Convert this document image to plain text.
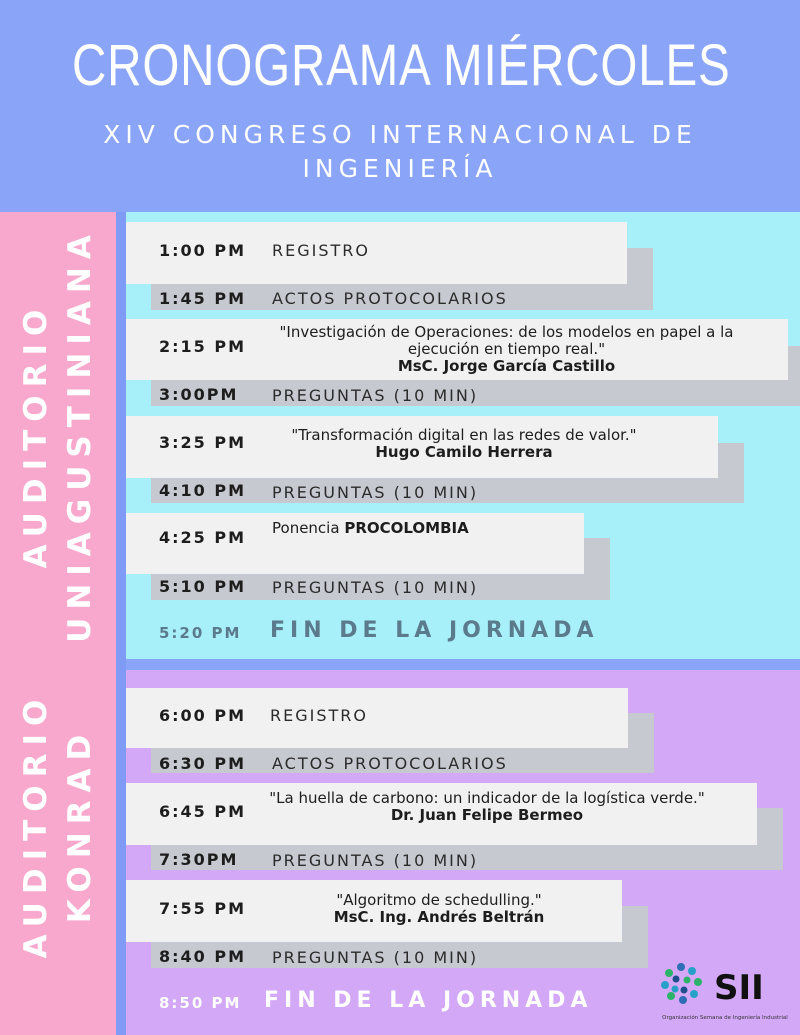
CRONOGRAMA MIÉRCOLES
XIV CONGRESO INTERNACIONAL DE INGENIERÍA
AUDITORIO UNIAGUSTINIANA
AUDITORIO KONRAD
1:00 PM REGISTRO
1:45 PM ACTOS PROTOCOLARIOS
2:15 PM
"Investigación de Operaciones: de los modelos en papel a la ejecución en tiempo real."
MsC. Jorge García Castillo
3:00PM PREGUNTAS (10 MIN)
3:25 PM	"Transformación digital en las redes de valor."
Hugo Camilo Herrera
4:10 PM PREGUNTAS (10 MIN)
4:25 PM Ponencia PROCOLOMBIA
5:10 PM PREGUNTAS (10 MIN)
5:20 PM FIN DE LA JORNADA
6:00 PM REGISTRO
6:30 PM ACTOS PROTOCOLARIOS
6:45 PM
"La huella de carbono: un indicador de la logística verde."
Dr. Juan Felipe Bermeo
7:30PM PREGUNTAS (10 MIN)
7:55 PM	"Algoritmo de schedulling."
MsC. Ing. Andrés Beltrán
8:40 PM PREGUNTAS (10 MIN)
8:50 PM FIN DE LA JORNADA	SII
Organización Semana de Ingeniería Industrial
